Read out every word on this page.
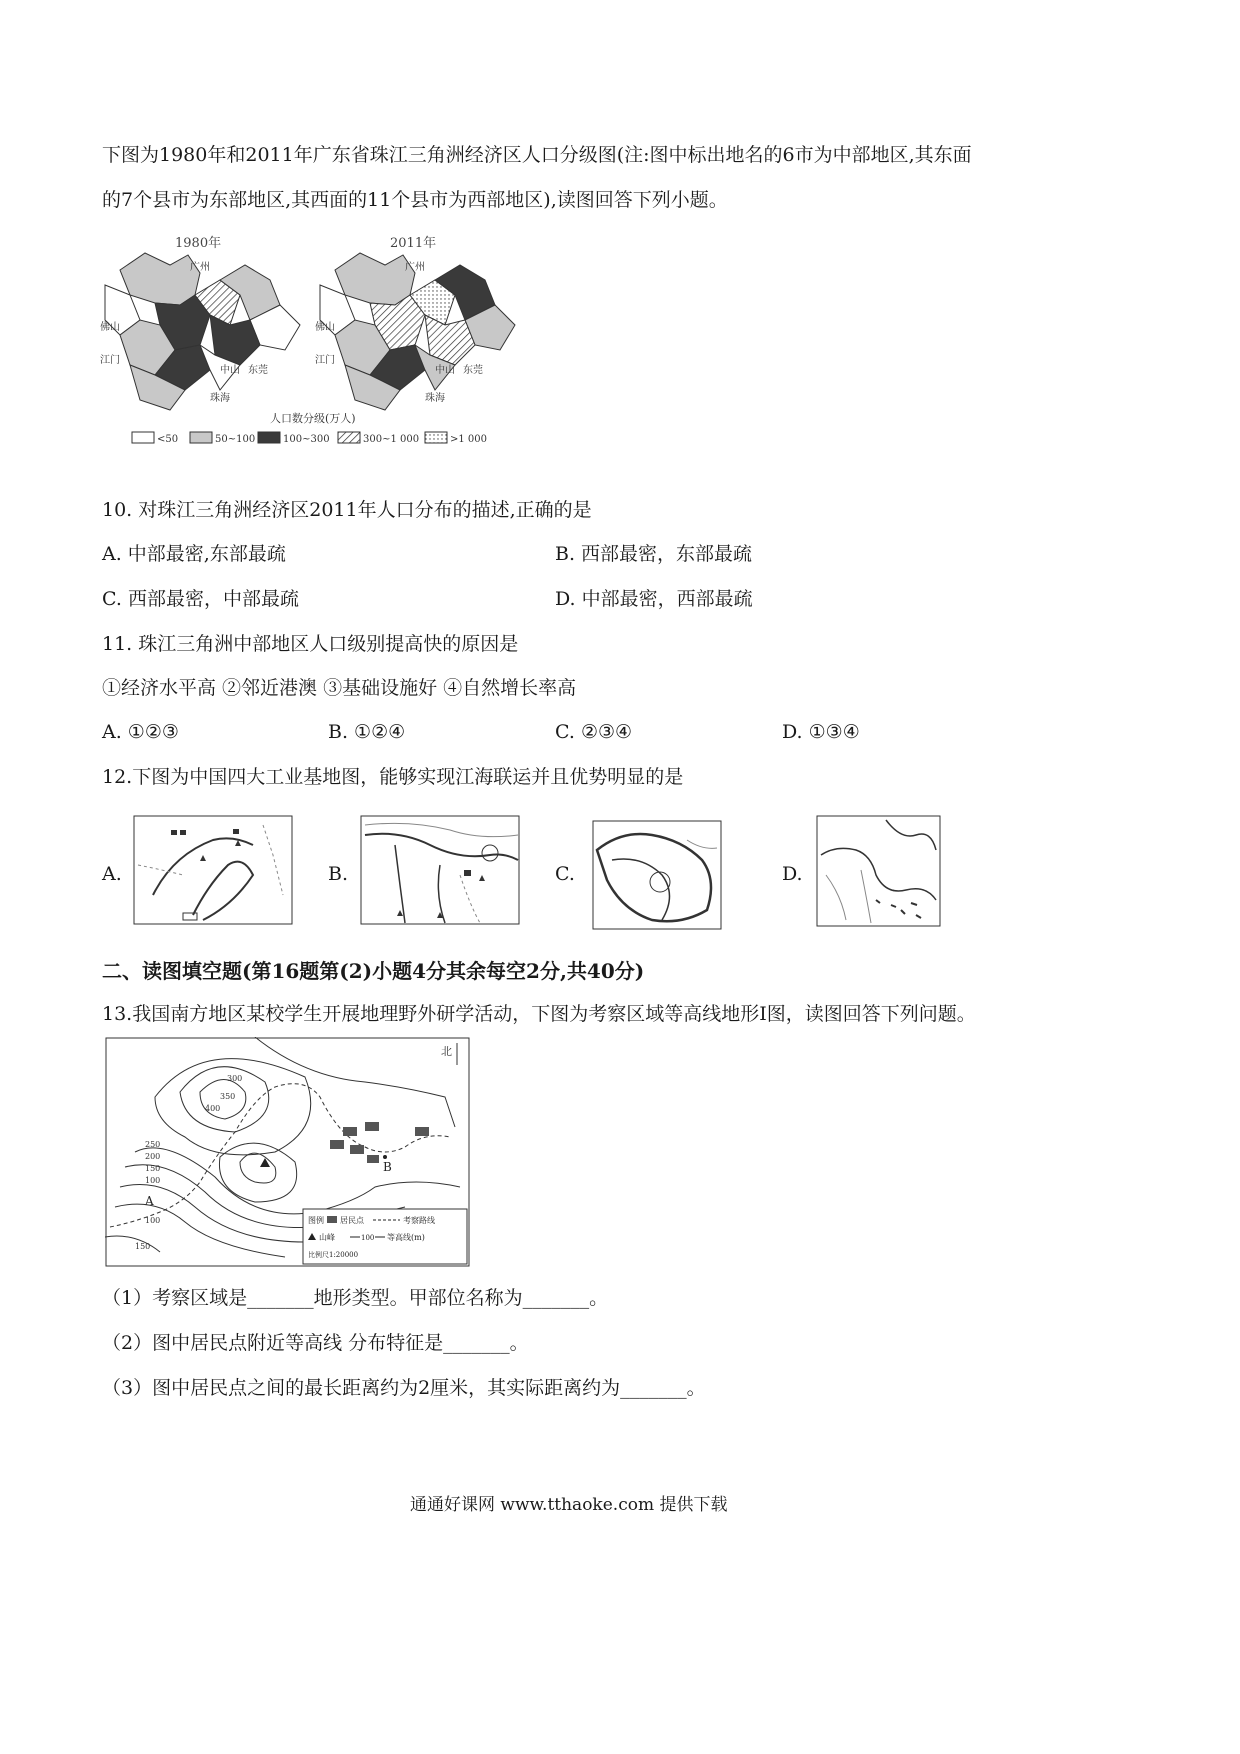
下图为1980年和2011年广东省珠江三角洲经济区人口分级图(注:图中标出地名的6市为中部地区,其东面
的7个县市为东部地区,其西面的11个县市为西部地区),读图回答下列小题。
1980年
广州
佛山
江门
中山 东莞
珠海
2011年
广州
佛山
江门
中山 东莞
珠海
人口数分级(万人)
<50	50~100	100~300	300~1 000	>1 000
10. 对珠江三角洲经济区2011年人口分布的描述,正确的是
A. 中部最密,东部最疏	B. 西部最密，东部最疏
C. 西部最密，中部最疏	D. 中部最密，西部最疏
11. 珠江三角洲中部地区人口级别提高快的原因是
①经济水平高 ②邻近港澳 ③基础设施好 ④自然增长率高
A. ①②③	B. ①②④	C. ②③④	D. ①③④
12.下图为中国四大工业基地图，能够实现江海联运并且优势明显的是
A.	B.	C.	D.
二、读图填空题(第16题第(2)小题4分其余每空2分,共40分)
13.我国南方地区某校学生开展地理野外研学活动，下图为考察区域等高线地形Ⅰ图，读图回答下列问题。
北
B
A
300
350
400
250
200
150
100
100
150
图例 居民点	考察路线
山峰	100 等高线(m)
比例尺1:20000
（1）考察区域是_______地形类型。甲部位名称为_______。
（2）图中居民点附近等高线 分布特征是_______。
（3）图中居民点之间的最长距离约为2厘米，其实际距离约为_______。
通通好课网 www.tthaoke.com 提供下载
